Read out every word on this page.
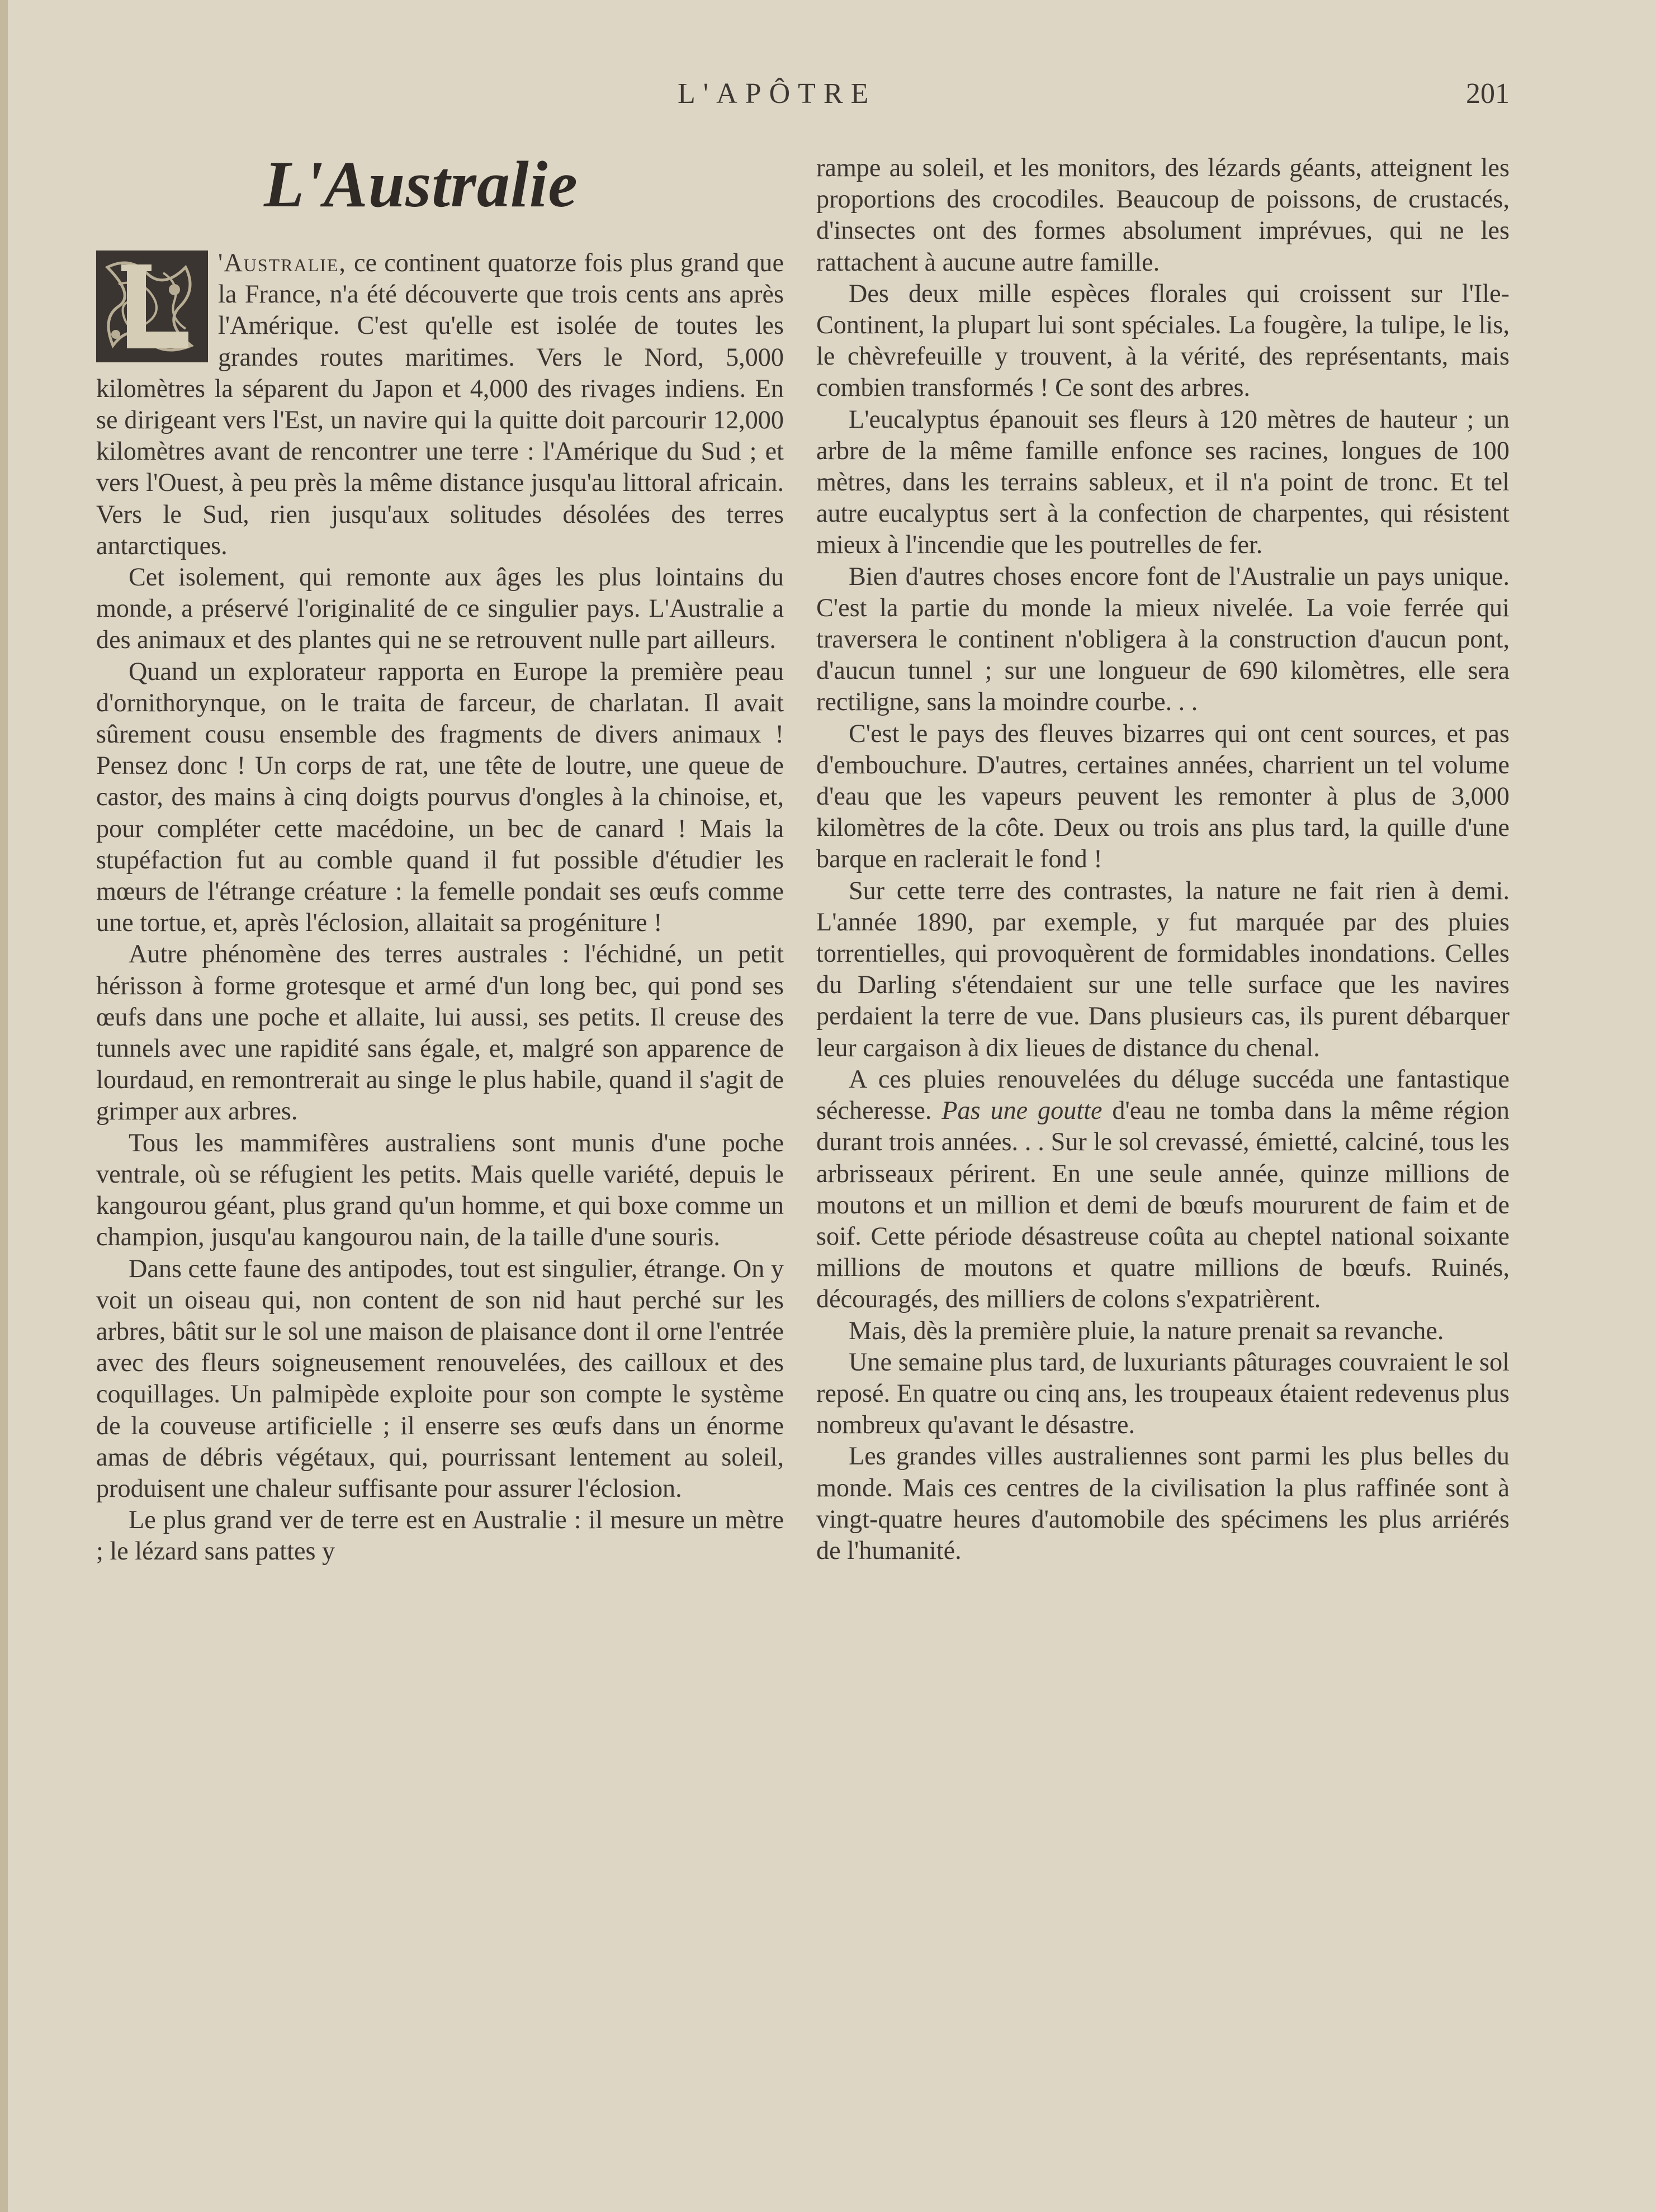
L'APÔTRE	201
L'Australie

'Australie, ce continent quatorze fois plus grand que la France, n'a été découverte que trois cents ans après l'Amérique. C'est qu'elle est isolée de toutes les grandes routes maritimes. Vers le Nord, 5,000 kilomètres la séparent du Japon et 4,000 des rivages indiens. En se dirigeant vers l'Est, un navire qui la quitte doit parcourir 12,000 kilomètres avant de rencontrer une terre : l'Amérique du Sud ; et vers l'Ouest, à peu près la même distance jusqu'au littoral africain. Vers le Sud, rien jusqu'aux solitudes désolées des terres antarctiques.

Cet isolement, qui remonte aux âges les plus lointains du monde, a préservé l'originalité de ce singulier pays. L'Australie a des animaux et des plantes qui ne se retrouvent nulle part ailleurs.

Quand un explorateur rapporta en Europe la première peau d'ornithorynque, on le traita de farceur, de charlatan. Il avait sûrement cousu ensemble des fragments de divers animaux ! Pensez donc ! Un corps de rat, une tête de loutre, une queue de castor, des mains à cinq doigts pourvus d'ongles à la chinoise, et, pour compléter cette macédoine, un bec de canard ! Mais la stupéfaction fut au comble quand il fut possible d'étudier les mœurs de l'étrange créature : la femelle pondait ses œufs comme une tortue, et, après l'éclosion, allaitait sa progéniture !

Autre phénomène des terres australes : l'échidné, un petit hérisson à forme grotesque et armé d'un long bec, qui pond ses œufs dans une poche et allaite, lui aussi, ses petits. Il creuse des tunnels avec une rapidité sans égale, et, malgré son apparence de lourdaud, en remontrerait au singe le plus habile, quand il s'agit de grimper aux arbres.

Tous les mammifères australiens sont munis d'une poche ventrale, où se réfugient les petits. Mais quelle variété, depuis le kangourou géant, plus grand qu'un homme, et qui boxe comme un champion, jusqu'au kangourou nain, de la taille d'une souris.

Dans cette faune des antipodes, tout est singulier, étrange. On y voit un oiseau qui, non content de son nid haut perché sur les arbres, bâtit sur le sol une maison de plaisance dont il orne l'entrée avec des fleurs soigneusement renouvelées, des cailloux et des coquillages. Un palmipède exploite pour son compte le système de la couveuse artificielle ; il enserre ses œufs dans un énorme amas de débris végétaux, qui, pourrissant lentement au soleil, produisent une chaleur suffisante pour assurer l'éclosion.

Le plus grand ver de terre est en Australie : il mesure un mètre ; le lézard sans pattes y

rampe au soleil, et les monitors, des lézards géants, atteignent les proportions des crocodiles. Beaucoup de poissons, de crustacés, d'insectes ont des formes absolument imprévues, qui ne les rattachent à aucune autre famille.

Des deux mille espèces florales qui croissent sur l'Ile-Continent, la plupart lui sont spéciales. La fougère, la tulipe, le lis, le chèvrefeuille y trouvent, à la vérité, des représentants, mais combien transformés ! Ce sont des arbres.

L'eucalyptus épanouit ses fleurs à 120 mètres de hauteur ; un arbre de la même famille enfonce ses racines, longues de 100 mètres, dans les terrains sableux, et il n'a point de tronc. Et tel autre eucalyptus sert à la confection de charpentes, qui résistent mieux à l'incendie que les poutrelles de fer.

Bien d'autres choses encore font de l'Australie un pays unique. C'est la partie du monde la mieux nivelée. La voie ferrée qui traversera le continent n'obligera à la construction d'aucun pont, d'aucun tunnel ; sur une longueur de 690 kilomètres, elle sera rectiligne, sans la moindre courbe. . .

C'est le pays des fleuves bizarres qui ont cent sources, et pas d'embouchure. D'autres, certaines années, charrient un tel volume d'eau que les vapeurs peuvent les remonter à plus de 3,000 kilomètres de la côte. Deux ou trois ans plus tard, la quille d'une barque en raclerait le fond !

Sur cette terre des contrastes, la nature ne fait rien à demi. L'année 1890, par exemple, y fut marquée par des pluies torrentielles, qui provoquèrent de formidables inondations. Celles du Darling s'étendaient sur une telle surface que les navires perdaient la terre de vue. Dans plusieurs cas, ils purent débarquer leur cargaison à dix lieues de distance du chenal.

A ces pluies renouvelées du déluge succéda une fantastique sécheresse. Pas une goutte d'eau ne tomba dans la même région durant trois années. . . Sur le sol crevassé, émietté, calciné, tous les arbrisseaux périrent. En une seule année, quinze millions de moutons et un million et demi de bœufs moururent de faim et de soif. Cette période désastreuse coûta au cheptel national soixante millions de moutons et quatre millions de bœufs. Ruinés, découragés, des milliers de colons s'expatrièrent.

Mais, dès la première pluie, la nature prenait sa revanche.

Une semaine plus tard, de luxuriants pâturages couvraient le sol reposé. En quatre ou cinq ans, les troupeaux étaient redevenus plus nombreux qu'avant le désastre.

Les grandes villes australiennes sont parmi les plus belles du monde. Mais ces centres de la civilisation la plus raffinée sont à vingt-quatre heures d'automobile des spécimens les plus arriérés de l'humanité.
